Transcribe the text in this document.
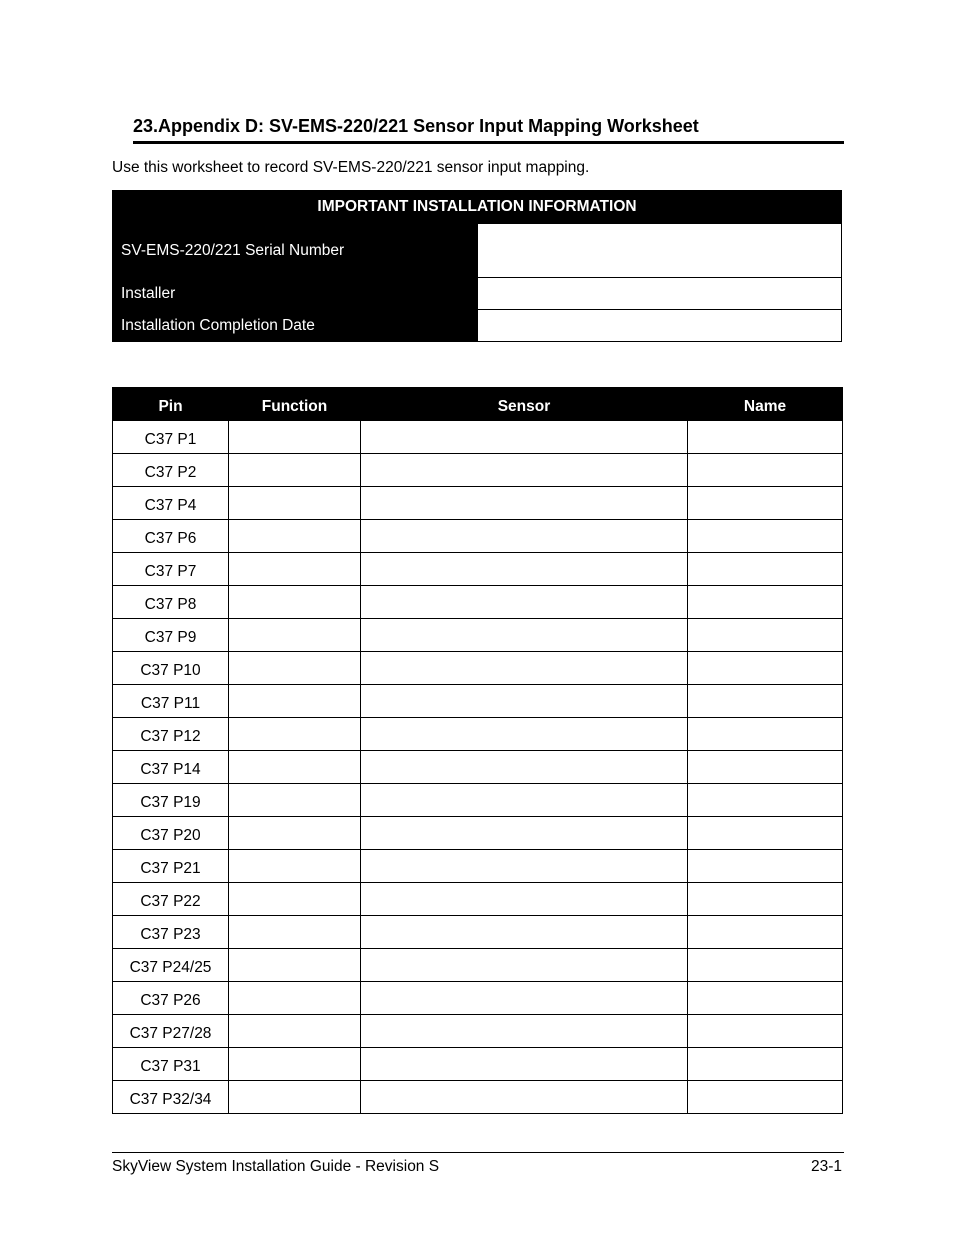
23.Appendix D: SV-EMS-220/221 Sensor Input Mapping Worksheet
Use this worksheet to record SV-EMS-220/221 sensor input mapping.
IMPORTANT INSTALLATION INFORMATION	
SV-EMS-220/221 Serial Number	
Installer	
Installation Completion Date	
Pin	Function	Sensor	Name
C37 P1			
C37 P2			
C37 P4			
C37 P6			
C37 P7			
C37 P8			
C37 P9			
C37 P10			
C37 P11			
C37 P12			
C37 P14			
C37 P19			
C37 P20			
C37 P21			
C37 P22			
C37 P23			
C37 P24/25			
C37 P26			
C37 P27/28			
C37 P31			
C37 P32/34			
SkyView System Installation Guide - Revision S	23-1
